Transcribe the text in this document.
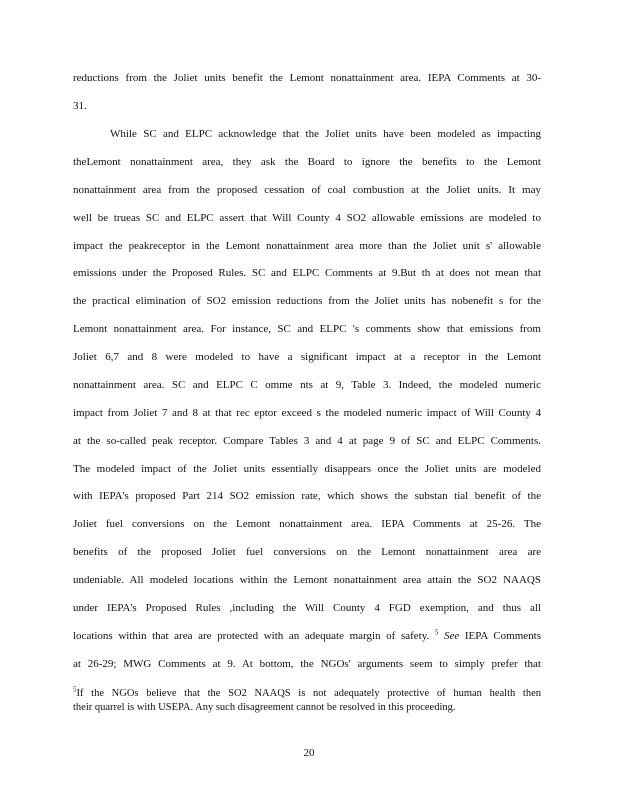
reductions from the Joliet units benefit the Lemont nonattainment area. IEPA Comments at 30-
31.
While SC and ELPC acknowledge that the Joliet units have been modeled as impacting
theLemont nonattainment area, they ask the Board to ignore the benefits to the Lemont
nonattainment area from the proposed cessation of coal combustion at the Joliet units. It may
well be trueas SC and ELPC assert that Will County 4 SO2 allowable emissions are modeled to
impact the peakreceptor in the Lemont nonattainment area more than the Joliet unit s' allowable
emissions under the Proposed Rules. SC and ELPC Comments at 9.But th at does not mean that
the practical elimination of SO2 emission reductions from the Joliet units has nobenefit s for the
Lemont nonattainment area. For instance, SC and ELPC 's comments show that emissions from
Joliet 6,7 and 8 were modeled to have a significant impact at a receptor in the Lemont
nonattainment area. SC and ELPC C omme nts at 9, Table 3. Indeed, the modeled numeric
impact from Joliet 7 and 8 at that rec eptor exceed s the modeled numeric impact of Will County 4
at the so-called peak receptor. Compare Tables 3 and 4 at page 9 of SC and ELPC Comments.
The modeled impact of the Joliet units essentially disappears once the Joliet units are modeled
with IEPA's proposed Part 214 SO2 emission rate, which shows the substan tial benefit of the
Joliet fuel conversions on the Lemont nonattainment area. IEPA Comments at 25-26. The
benefits of the proposed Joliet fuel conversions on the Lemont nonattainment area are
undeniable. All modeled locations within the Lemont nonattainment area attain the SO2 NAAQS
under IEPA's Proposed Rules ,including the Will County 4 FGD exemption, and thus all
locations within that area are protected with an adequate margin of safety. $^5$ See IEPA Comments
at 26-29; MWG Comments at 9. At bottom, the NGOs' arguments seem to simply prefer that
$^5$If the NGOs believe that the SO2 NAAQS is not adequately protective of human health then
their quarrel is with USEPA. Any such disagreement cannot be resolved in this proceeding.
20
